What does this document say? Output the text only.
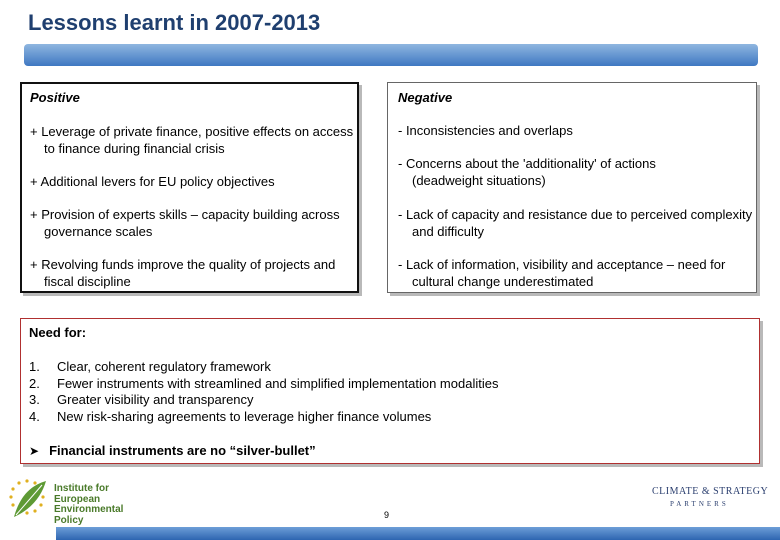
Lessons learnt in 2007-2013
Positive
+ Leverage of private finance, positive effects on access to finance during financial crisis
+ Additional levers for EU policy objectives
+ Provision of experts skills – capacity building across governance scales
+ Revolving funds improve the quality of projects and fiscal discipline
Negative
- Inconsistencies and overlaps
- Concerns about the 'additionality' of actions (deadweight situations)
- Lack of capacity and resistance due to perceived complexity and difficulty
- Lack of information, visibility and acceptance – need for cultural change underestimated
Need for:
1.	Clear, coherent regulatory framework
2.	Fewer instruments with streamlined and simplified implementation modalities
3.	Greater visibility and transparency
4.	New risk-sharing agreements to leverage higher finance volumes
➤ Financial instruments are no “silver-bullet”
Institute for
European
Environmental
Policy
CLIMATE & STRATEGY
PARTNERS
9
